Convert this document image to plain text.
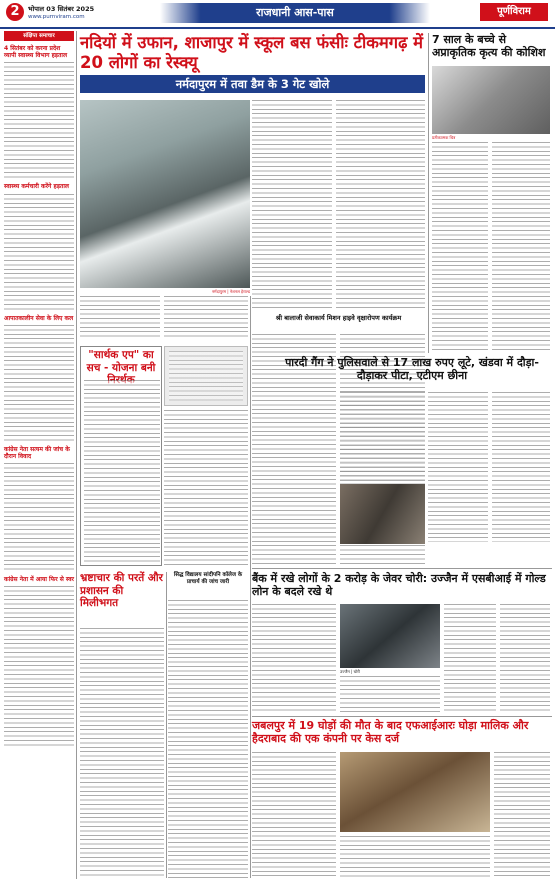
2	भोपाल 03 सितंबर 2025
www.purnviram.com	राजधानी आस-पास	पूर्णविराम
संक्षिप्त समाचार
4 सितंबर को करना प्रदेश व्यापी स्वास्थ्य विभाग हड़ताल
स्वास्थ्य कर्मचारी करेंगे हड़ताल
आपातकालीन सेवा के लिए कल
कांग्रेस नेता सत्यम की जांच के दौरान विवाद
कांग्रेस नेता में आया फिर से स्वर
नदियों में उफान, शाजापुर में स्कूल बस फंसीः टीकमगढ़ में 20 लोगों का रेस्क्यू
नर्मदापुरम में तवा डैम के 3 गेट खोले
नर्मदापुरम | नेशनल हेराल्ड
"सार्थक एप" का सच - योजना बनी
श्री बालाजी सेवाकार्य मिशन हाइवे वृक्षारोपण कार्यक्रम
7 साल के बच्चे से अप्राकृतिक कृत्य की कोशिश
प्रतीकात्मक चित्र
पारदी गैंग ने पुलिसवाले से 17 लाख रुपए लूटे, खंडवा में दौड़ा-दौड़ाकर पीटा, एटीएम छीना
बैंक में रखे लोगों के 2 करोड़ के जेवर चोरी: उज्जैन में एसबीआई में गोल्ड लोन के बदले रखे थे
उज्जैन | चोरी
भ्रष्टाचार की परतें और प्रशासन की मिलीभगत
सिद्ध विद्यालय सांदीपनि कॉलेज के प्राचार्य की जांच जारी
जबलपुर में 19 घोड़ों की मौत के बाद एफआईआरः घोड़ा मालिक और हैदराबाद की एक कंपनी पर केस दर्ज
